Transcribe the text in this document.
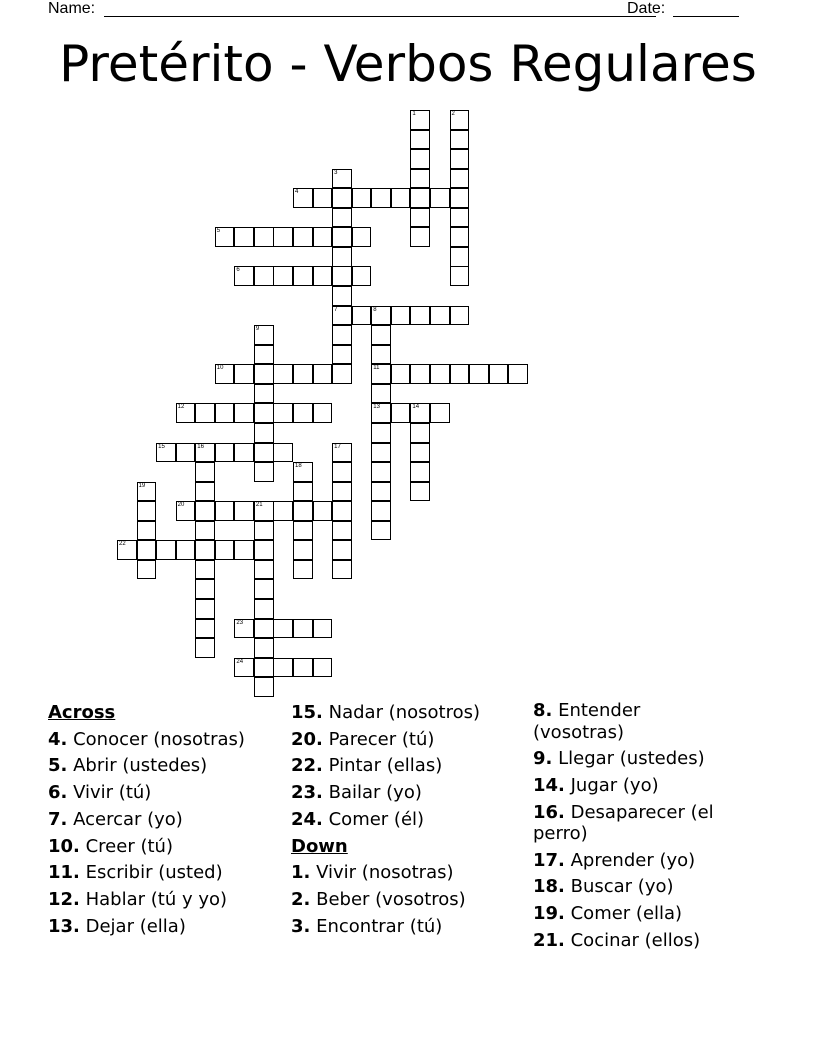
Name:	Date:
Pretérito - Verbos Regulares
1	2
3
7
4
5
6
8
11
13
9
10
12	14
15	16	17
18
19
20	21
22
23
24
Across
4. Conocer (nosotras)
5. Abrir (ustedes)
6. Vivir (tú)
7. Acercar (yo)
10. Creer (tú)
11. Escribir (usted)
12. Hablar (tú y yo)
13. Dejar (ella)
15. Nadar (nosotros)
20. Parecer (tú)
22. Pintar (ellas)
23. Bailar (yo)
24. Comer (él)
Down
1. Vivir (nosotras)
2. Beber (vosotros)
3. Encontrar (tú)
8. Entender (vosotras)
9. Llegar (ustedes)
14. Jugar (yo)
16. Desaparecer (el perro)
17. Aprender (yo)
18. Buscar (yo)
19. Comer (ella)
21. Cocinar (ellos)
